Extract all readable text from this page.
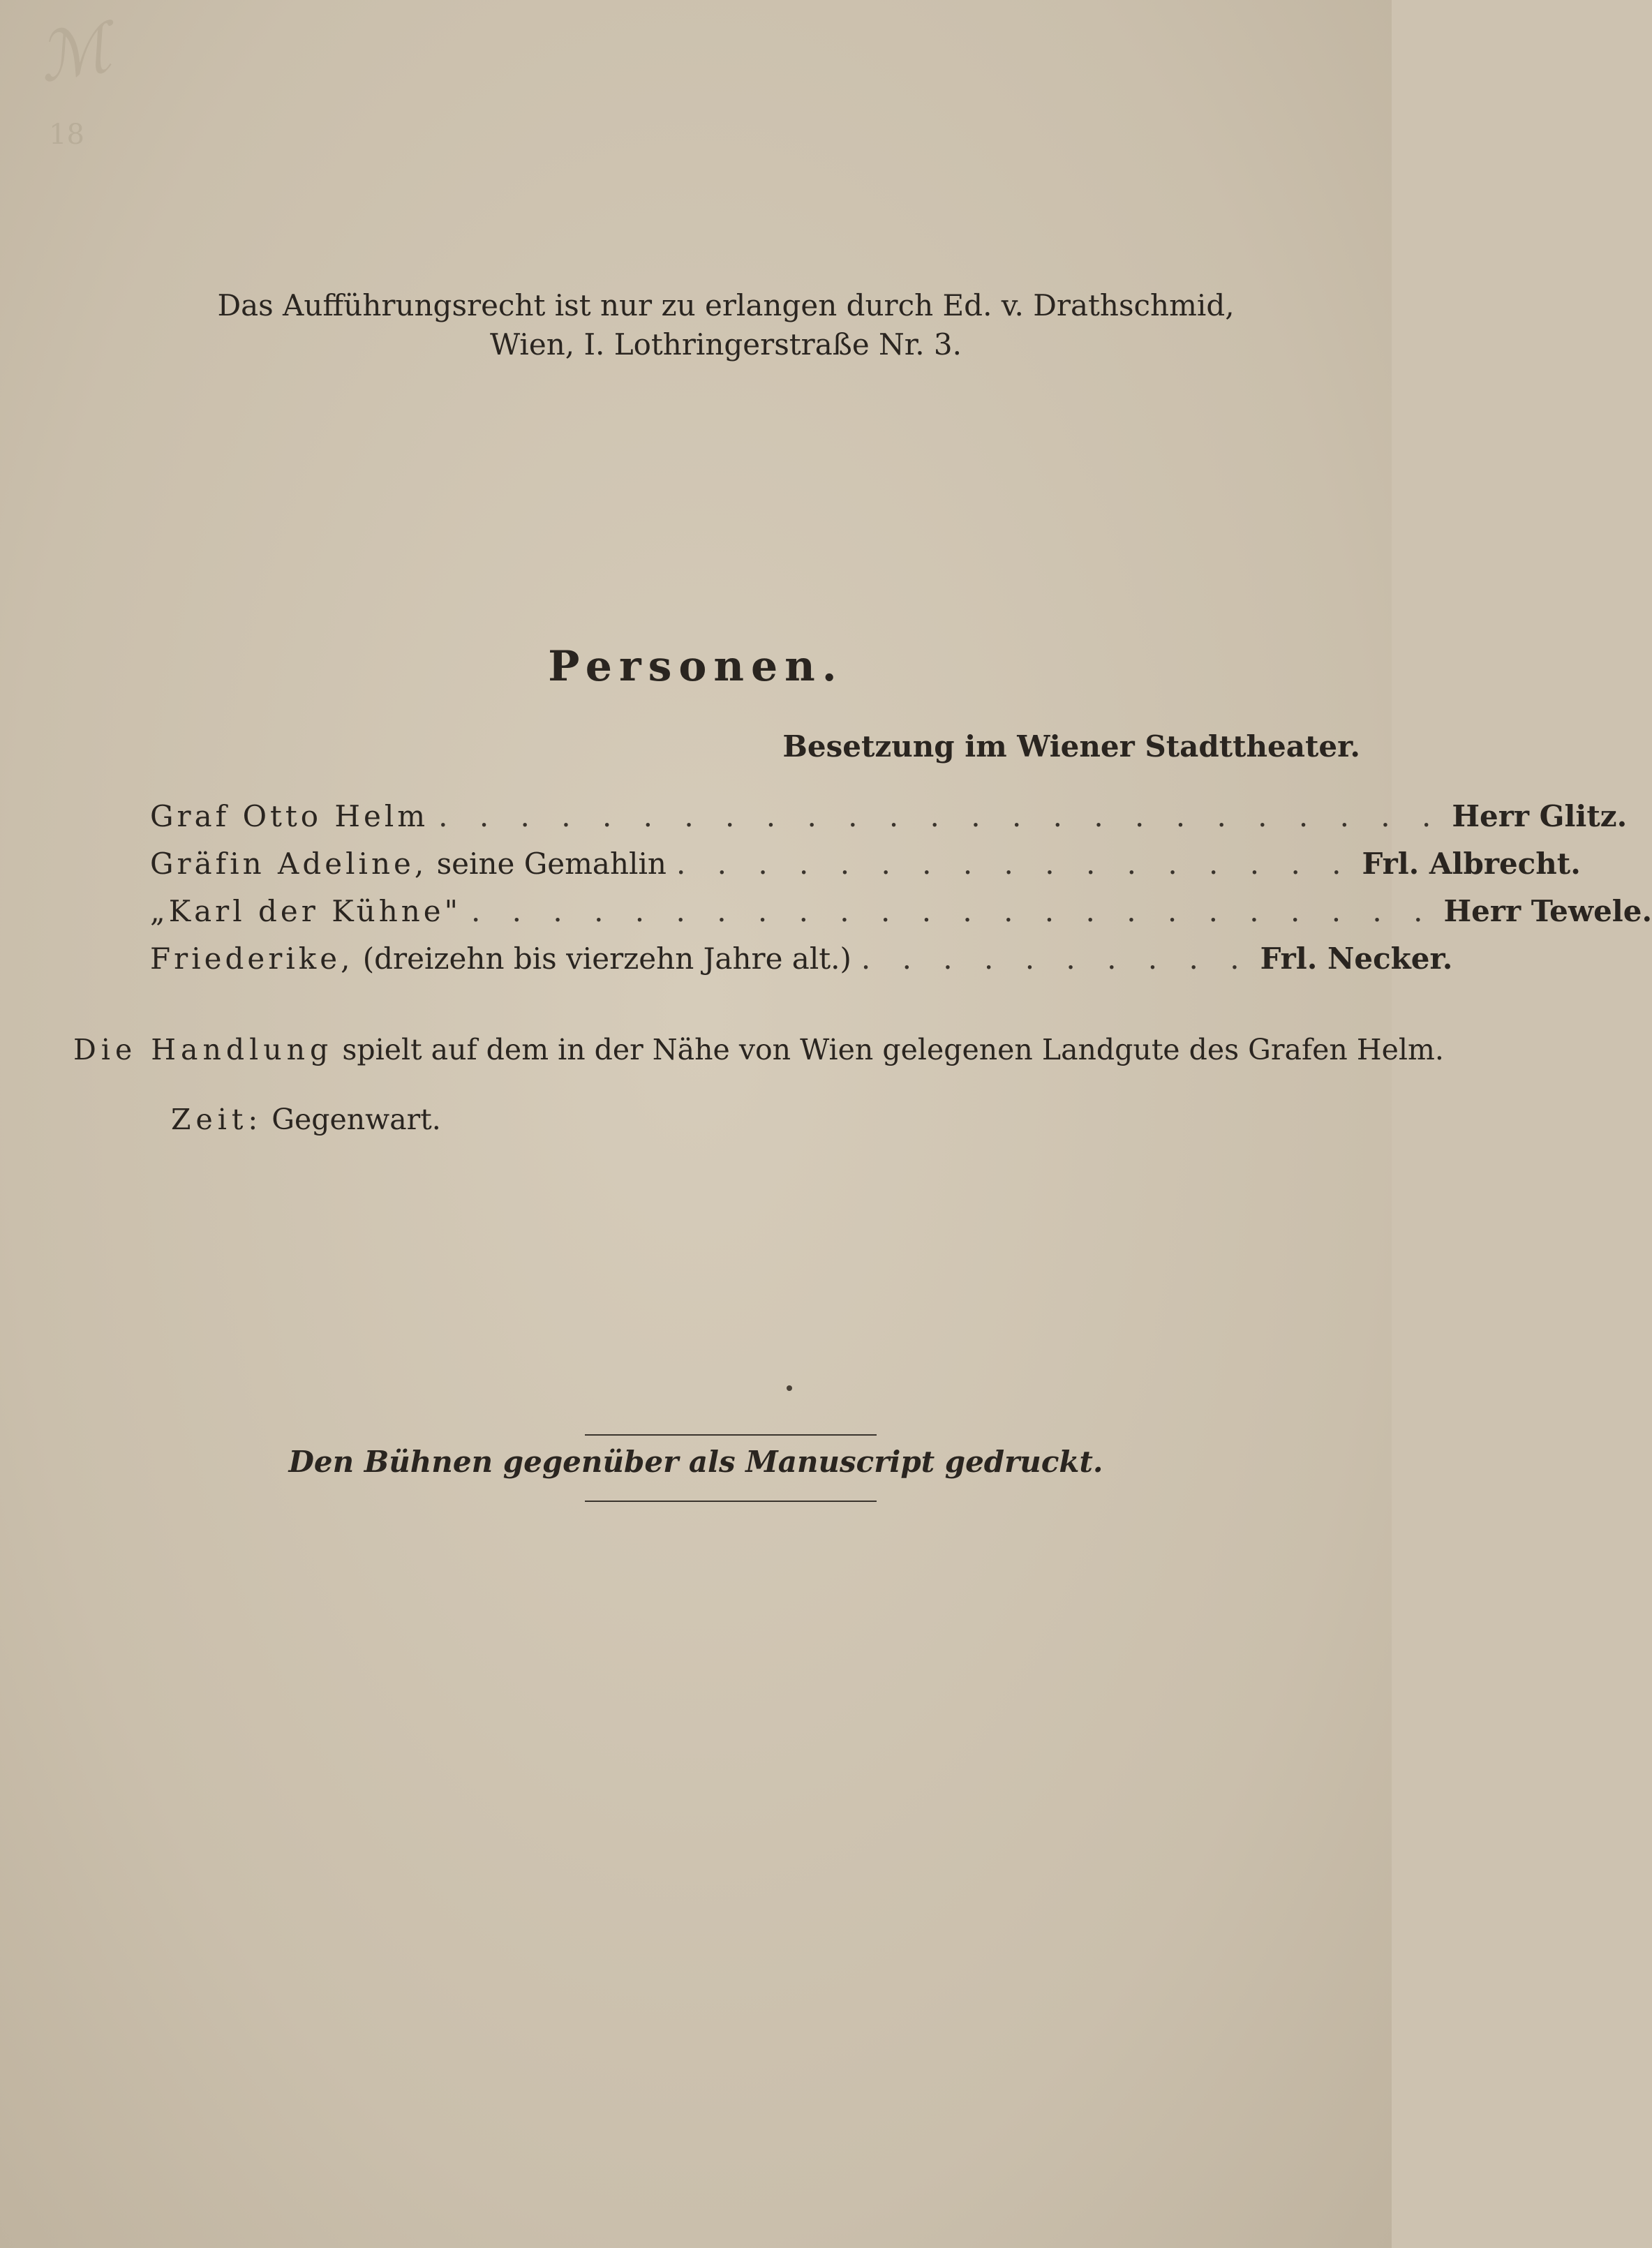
ℳ
18
Das Aufführungsrecht ist nur zu erlangen durch Ed. v. Drathschmid,
Wien, I. Lothringerstraße Nr. 3.
Personen.
Besetzung im Wiener Stadttheater.
Graf Otto Helm . . . . . . . . . . . . . . . . . . . . . . . . . Herr Glitz.
Gräfin Adeline, seine Gemahlin . . . . . . . . . . . . . . . . . Frl. Albrecht.
„Karl der Kühne" . . . . . . . . . . . . . . . . . . . . . . . . Herr Tewele.
Friederike, (dreizehn bis vierzehn Jahre alt.) . . . . . . . . . . Frl. Necker.
Die Handlung spielt auf dem in der Nähe von Wien gelegenen Landgute des Grafen Helm.
Zeit: Gegenwart.
Den Bühnen gegenüber als Manuscript gedruckt.
